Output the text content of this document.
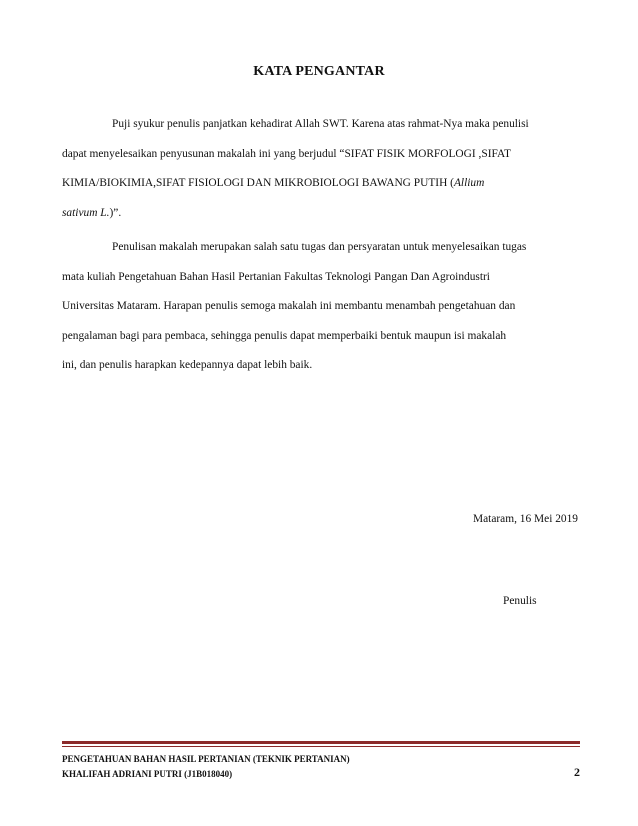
KATA PENGANTAR
Puji syukur penulis panjatkan kehadirat Allah SWT. Karena atas rahmat-Nya maka penulisi
dapat menyelesaikan penyusunan makalah ini yang berjudul “SIFAT FISIK MORFOLOGI ,SIFAT
KIMIA/BIOKIMIA,SIFAT FISIOLOGI DAN MIKROBIOLOGI BAWANG PUTIH (Allium
sativum L.)”.
Penulisan makalah merupakan salah satu tugas dan persyaratan untuk menyelesaikan tugas
mata kuliah Pengetahuan Bahan Hasil Pertanian Fakultas Teknologi Pangan Dan Agroindustri
Universitas Mataram. Harapan penulis semoga makalah ini membantu menambah pengetahuan dan
pengalaman bagi para pembaca, sehingga penulis dapat memperbaiki bentuk maupun isi makalah
ini, dan penulis harapkan kedepannya dapat lebih baik.
Mataram, 16 Mei 2019
Penulis
PENGETAHUAN BAHAN HASIL PERTANIAN (TEKNIK PERTANIAN)
KHALIFAH ADRIANI PUTRI (J1B018040)	2
